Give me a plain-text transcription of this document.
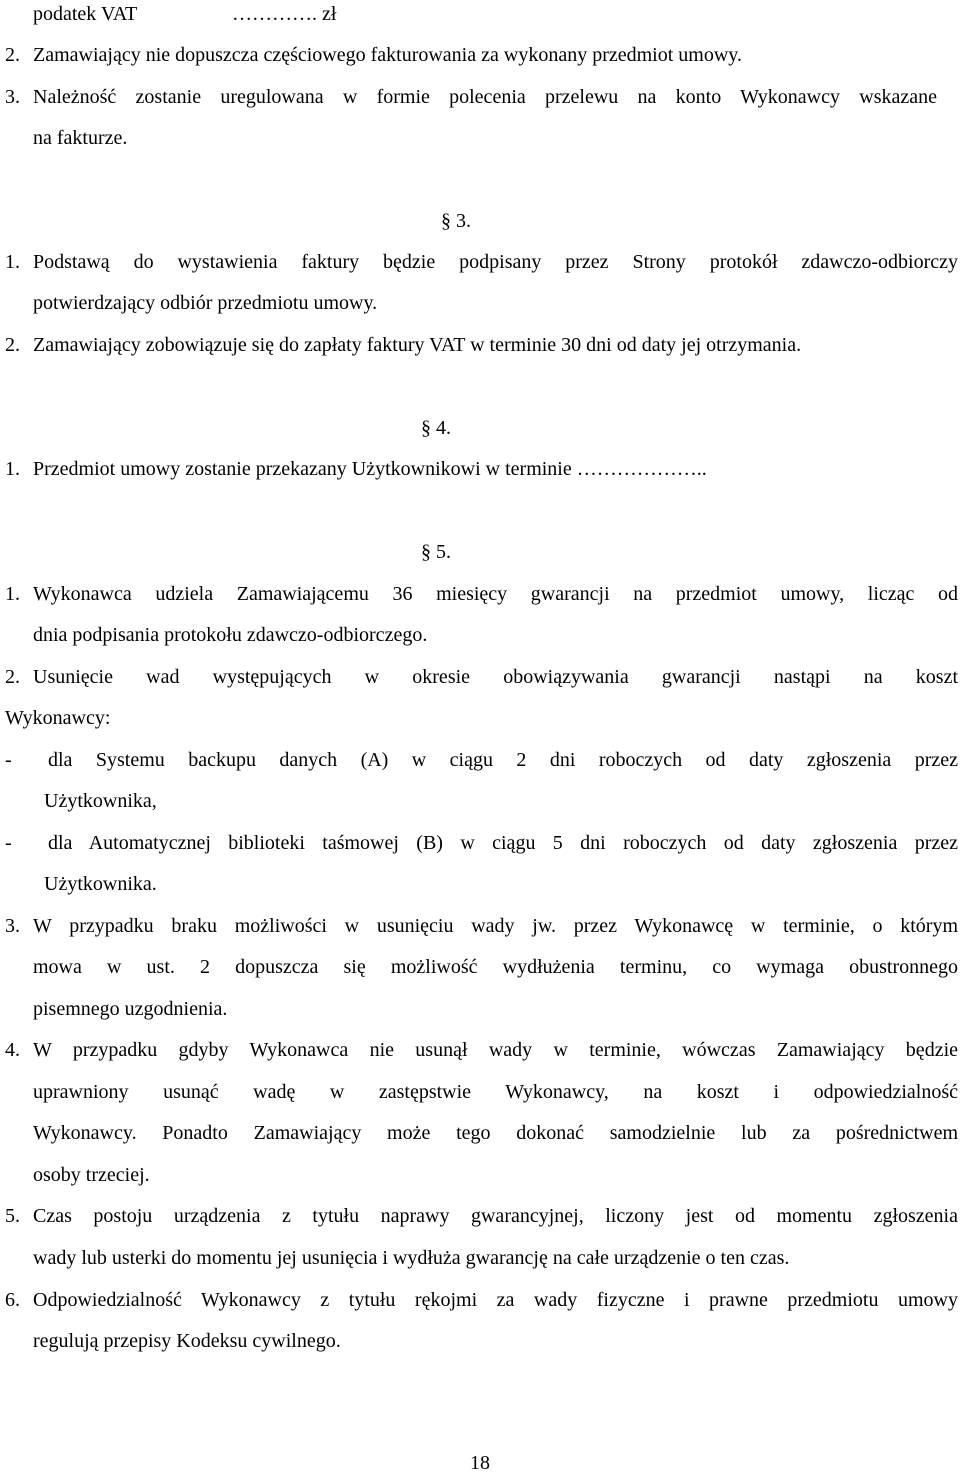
podatek VAT	…………. zł
2. Zamawiający nie dopuszcza częściowego fakturowania za wykonany przedmiot umowy.
3. Należność zostanie uregulowana w formie polecenia przelewu na konto Wykonawcy wskazane
na fakturze.
§ 3.
1. Podstawą do wystawienia faktury będzie podpisany przez Strony protokół zdawczo-odbiorczy
potwierdzający odbiór przedmiotu umowy.
2. Zamawiający zobowiązuje się do zapłaty faktury VAT w terminie 30 dni od daty jej otrzymania.
§ 4.
1. Przedmiot umowy zostanie przekazany Użytkownikowi w terminie ………………..
§ 5.
1. Wykonawca udziela Zamawiającemu 36 miesięcy gwarancji na przedmiot umowy, licząc od
dnia podpisania protokołu zdawczo-odbiorczego.
2. Usunięcie wad występujących w okresie obowiązywania gwarancji nastąpi na koszt
Wykonawcy:
- dla Systemu backupu danych (A) w ciągu 2 dni roboczych od daty zgłoszenia przez
Użytkownika,
- dla Automatycznej biblioteki taśmowej (B) w ciągu 5 dni roboczych od daty zgłoszenia przez
Użytkownika.
3. W przypadku braku możliwości w usunięciu wady jw. przez Wykonawcę w terminie, o którym
mowa w ust. 2 dopuszcza się możliwość wydłużenia terminu, co wymaga obustronnego
pisemnego uzgodnienia.
4. W przypadku gdyby Wykonawca nie usunął wady w terminie, wówczas Zamawiający będzie
uprawniony usunąć wadę w zastępstwie Wykonawcy, na koszt i odpowiedzialność
Wykonawcy. Ponadto Zamawiający może tego dokonać samodzielnie lub za pośrednictwem
osoby trzeciej.
5. Czas postoju urządzenia z tytułu naprawy gwarancyjnej, liczony jest od momentu zgłoszenia
wady lub usterki do momentu jej usunięcia i wydłuża gwarancję na całe urządzenie o ten czas.
6. Odpowiedzialność Wykonawcy z tytułu rękojmi za wady fizyczne i prawne przedmiotu umowy
regulują przepisy Kodeksu cywilnego.
18
